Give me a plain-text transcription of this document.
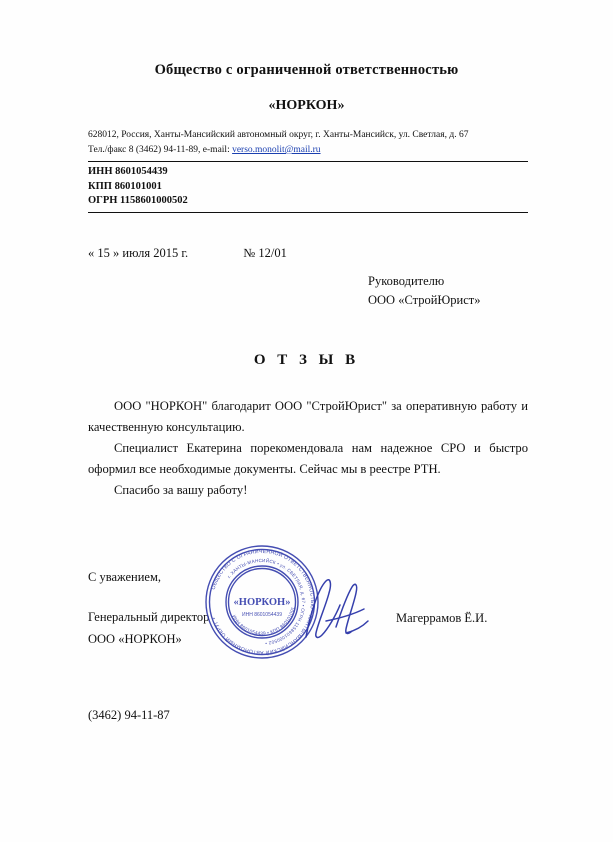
Общество с ограниченной ответственностью
«НОРКОН»
628012, Россия, Ханты-Мансийский автономный округ, г. Ханты-Мансийск, ул. Светлая, д. 67
Тел./факс 8 (3462) 94-11-89, e-mail: verso.monolit@mail.ru
ИНН 8601054439
КПП 860101001
ОГРН 1158601000502
« 15 » июля 2015 г.	№ 12/01
Руководителю
ООО «СтройЮрист»
О Т З Ы В

ООО "НОРКОН" благодарит ООО "СтройЮрист" за оперативную работу и качественную консультацию.

Специалист Екатерина порекомендовала нам надежное СРО и быстро оформил все необходимые документы. Сейчас мы в реестре РТН.

Спасибо за вашу работу!

С уважением,
Генеральный директор
ООО «НОРКОН»
Магеррамов Ё.И.
(3462) 94-11-87
ОБЩЕСТВО С ОГРАНИЧЕННОЙ ОТВЕТСТВЕННОСТЬЮ • ХАНТЫ-МАНСИЙСКИЙ АВТОНОМНЫЙ ОКРУГ •
г. ХАНТЫ-МАНСИЙСК • ул. СВЕТЛАЯ, д. 67 • ОГРН 1158601000502 •
ИНН 8601054439 • КПП 860101001
«НОРКОН»
ИНН 8601054439
